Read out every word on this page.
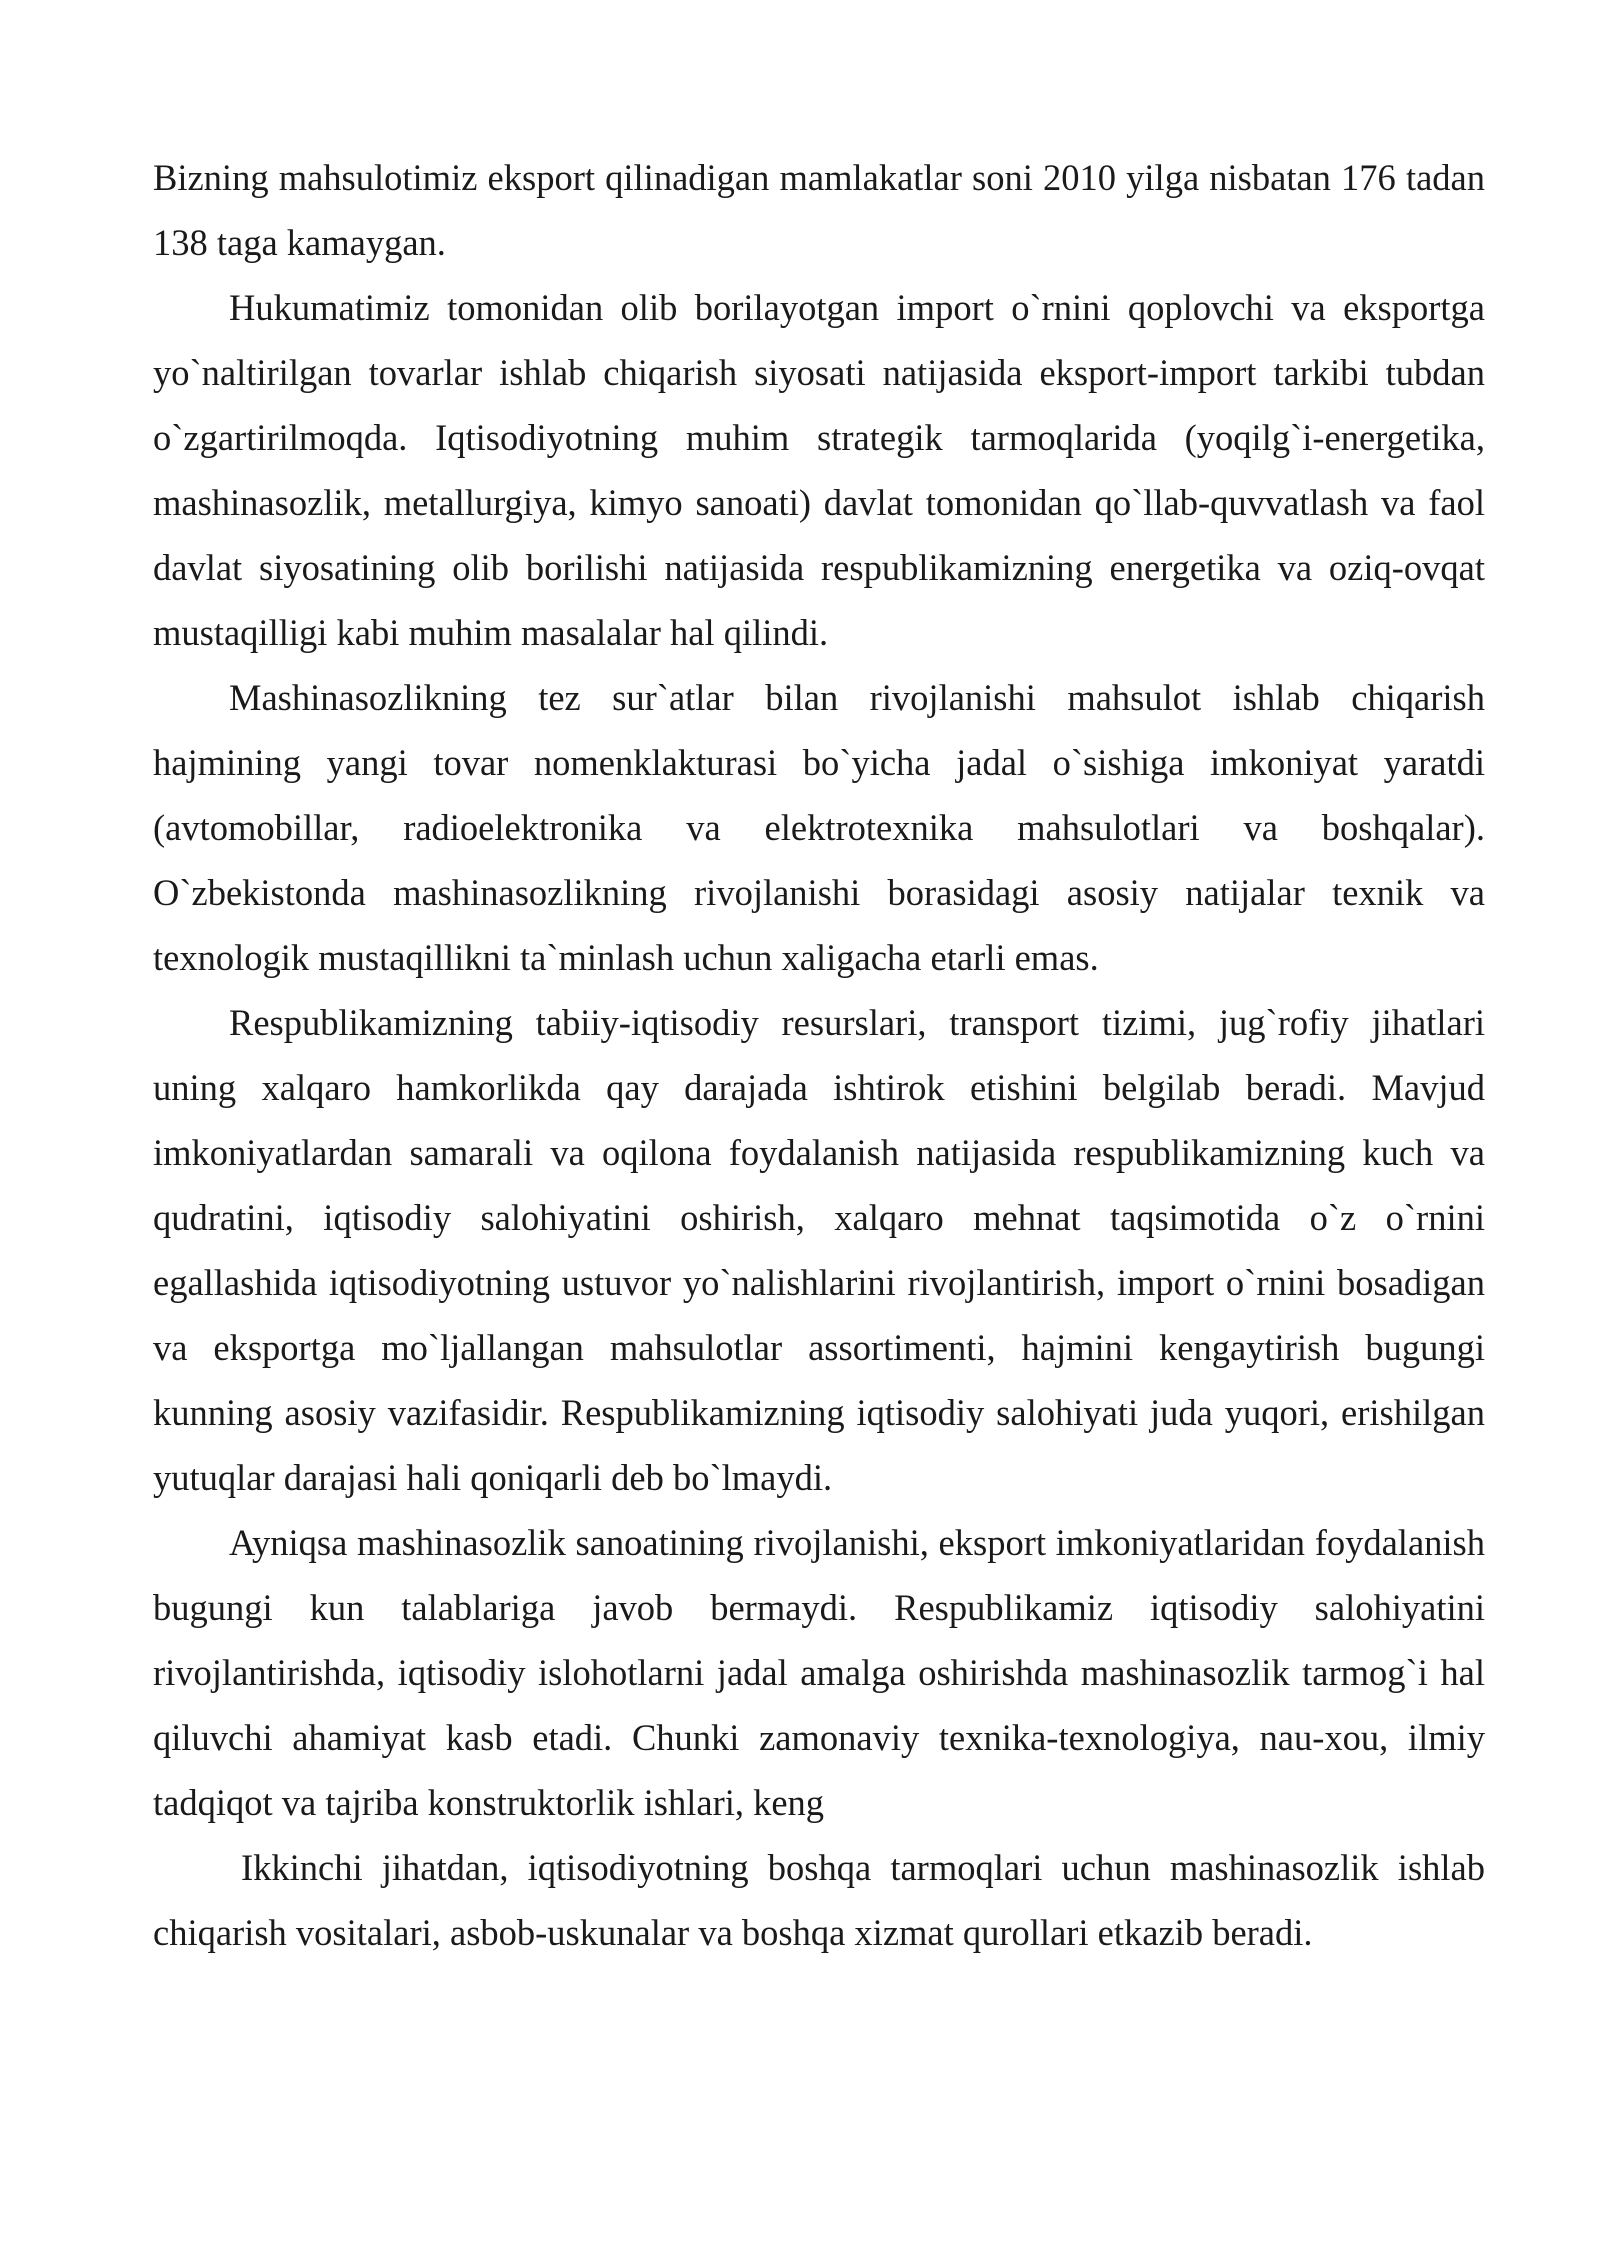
Bizning mahsulotimiz eksport qilinadigan mamlakatlar soni 2010 yilga nisbatan 176 tadan 138 taga kamaygan.

Hukumatimiz tomonidan olib borilayotgan import o`rnini qoplovchi va eksportga yo`naltirilgan tovarlar ishlab chiqarish siyosati natijasida eksport-import tarkibi tubdan o`zgartirilmoqda. Iqtisodiyotning muhim strategik tarmoqlarida (yoqilg`i-energetika, mashinasozlik, metallurgiya, kimyo sanoati) davlat tomonidan qo`llab-quvvatlash va faol davlat siyosatining olib borilishi natijasida respublikamizning energetika va oziq-ovqat mustaqilligi kabi muhim masalalar hal qilindi.

Mashinasozlikning tez sur`atlar bilan rivojlanishi mahsulot ishlab chiqarish hajmining yangi tovar nomenklakturasi bo`yicha jadal o`sishiga imkoniyat yaratdi (avtomobillar, radioelektronika va elektrotexnika mahsulotlari va boshqalar). O`zbekistonda mashinasozlikning rivojlanishi borasidagi asosiy natijalar texnik va texnologik mustaqillikni ta`minlash uchun xaligacha etarli emas.

Respublikamizning tabiiy-iqtisodiy resurslari, transport tizimi, jug`rofiy jihatlari uning xalqaro hamkorlikda qay darajada ishtirok etishini belgilab beradi. Mavjud imkoniyatlardan samarali va oqilona foydalanish natijasida respublikamizning kuch va qudratini, iqtisodiy salohiyatini oshirish, xalqaro mehnat taqsimotida o`z o`rnini egallashida iqtisodiyotning ustuvor yo`nalishlarini rivojlantirish, import o`rnini bosadigan va eksportga mo`ljallangan mahsulotlar assortimenti, hajmini kengaytirish bugungi kunning asosiy vazifasidir. Respublikamizning iqtisodiy salohiyati juda yuqori, erishilgan yutuqlar darajasi hali qoniqarli deb bo`lmaydi.

Ayniqsa mashinasozlik sanoatining rivojlanishi, eksport imkoniyatlaridan foydalanish bugungi kun talablariga javob bermaydi. Respublikamiz iqtisodiy salohiyatini rivojlantirishda, iqtisodiy islohotlarni jadal amalga oshirishda mashinasozlik tarmog`i hal qiluvchi ahamiyat kasb etadi. Chunki zamonaviy texnika-texnologiya, nau-xou, ilmiy tadqiqot va tajriba konstruktorlik ishlari, keng

Ikkinchi jihatdan, iqtisodiyotning boshqa tarmoqlari uchun mashinasozlik ishlab chiqarish vositalari, asbob-uskunalar va boshqa xizmat qurollari etkazib beradi.
